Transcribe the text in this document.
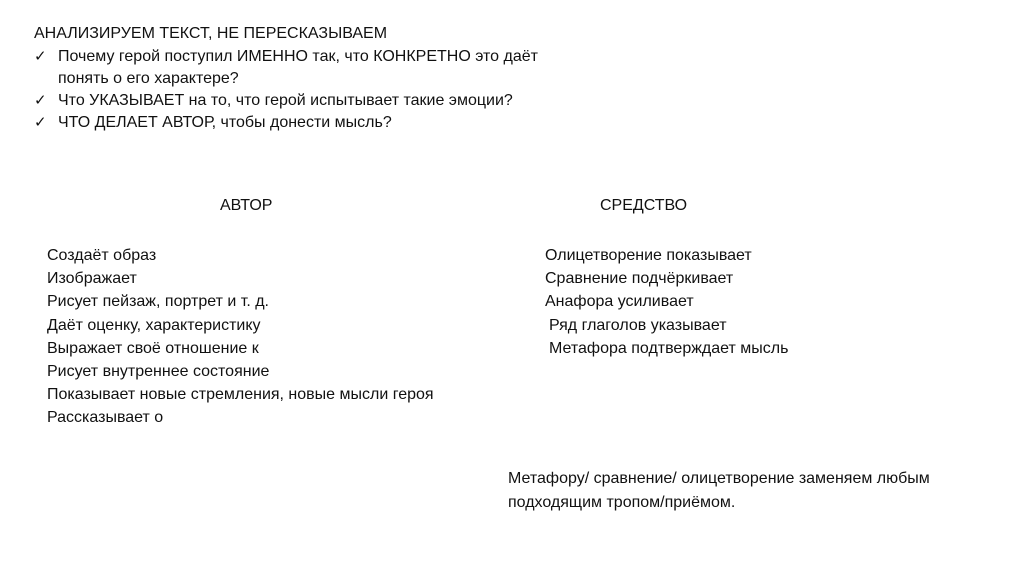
АНАЛИЗИРУЕМ ТЕКСТ, НЕ ПЕРЕСКАЗЫВАЕМ
✓ Почему герой поступил ИМЕННО так, что КОНКРЕТНО это даёт понять о его характере?
✓ Что УКАЗЫВАЕТ на то, что герой испытывает такие эмоции?
✓ ЧТО ДЕЛАЕТ АВТОР, чтобы донести мысль?
АВТОР	СРЕДСТВО
Создаёт образ
Изображает
Рисует пейзаж, портрет и т. д.
Даёт оценку, характеристику
Выражает своё отношение к
Рисует внутреннее состояние
Показывает новые стремления, новые мысли героя
Рассказывает о
Олицетворение показывает
Сравнение подчёркивает
Анафора усиливает
Ряд глаголов указывает
Метафора подтверждает мысль
Метафору/ сравнение/ олицетворение заменяем любым подходящим тропом/приёмом.
